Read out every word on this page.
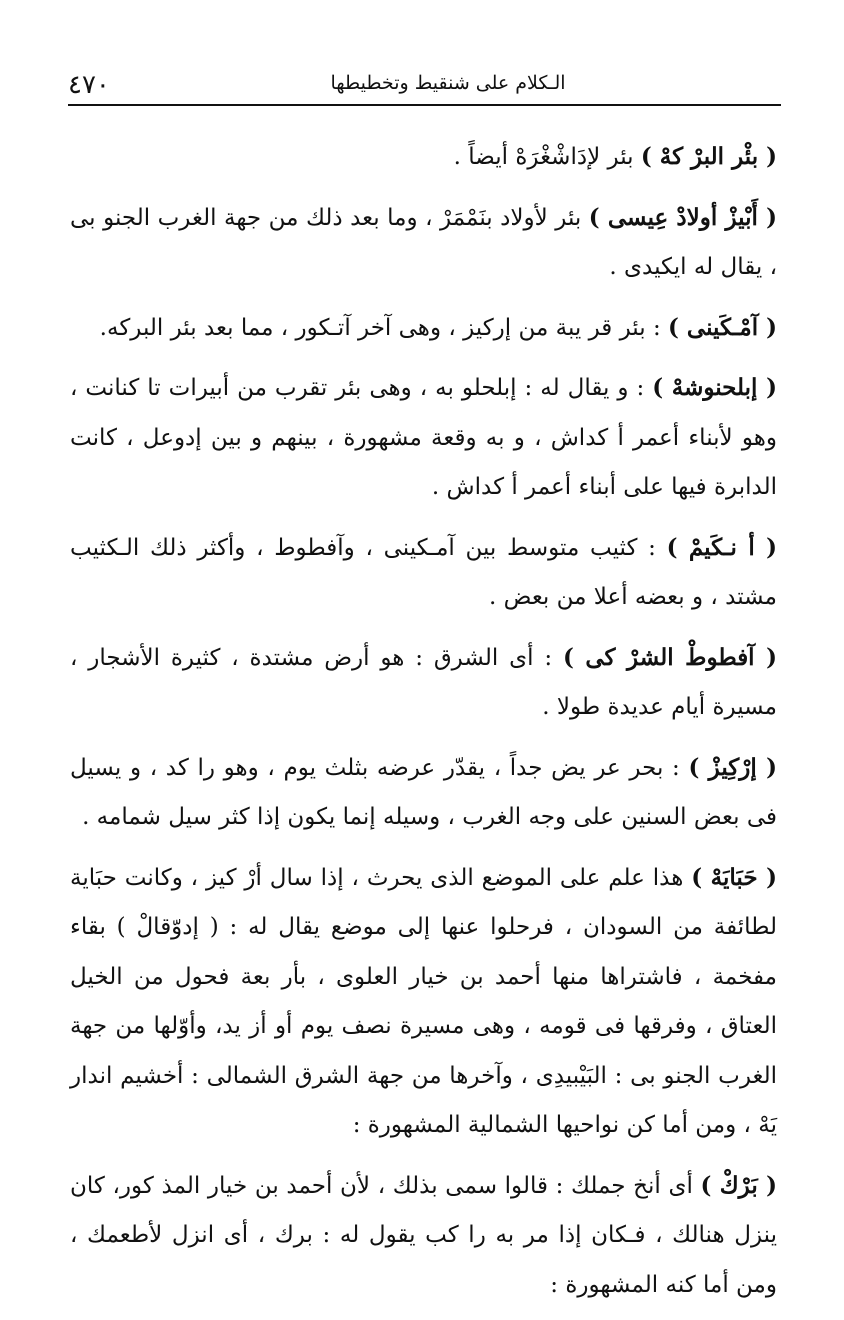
٤٧٠	الـكلام على شنقيط وتخطيطها

( بئْر البرْ كهْ ) بئر لإدَاشْغْرَهْ أيضاً .

( أَبْيزْ أولادْ عِيسى ) بئر لأولاد بنَمْمَرْ ، وما بعد ذلك من جهة الغرب الجنو بى ، يقال له ايكيدى .

( آمْـكَينى ) : بئر قر يبة من إركيز ، وهى آخر آتـكور ، مما بعد بئر البركه.

( إبلحنوشهْ ) : و يقال له : إبلحلو به ، وهى بئر تقرب من أبيرات تا كنانت ، وهو لأبناء أعمر أ كداش ، و به وقعة مشهورة ، بينهم و بين إدوعل ، كانت الدابرة فيها على أبناء أعمر أ كداش .

( أ نـكَيمْ ) : كثيب متوسط بين آمـكينى ، وآفطوط ، وأكثر ذلك الـكثيب مشتد ، و بعضه أعلا من بعض .

( آفطوطْ الشرْ كى ) : أى الشرق : هو أرض مشتدة ، كثيرة الأشجار ، مسيرة أيام عديدة طولا .

( إرْكِيزْ ) : بحر عر يض جداً ، يقدّر عرضه بثلث يوم ، وهو را كد ، و يسيل فى بعض السنين على وجه الغرب ، وسيله إنما يكون إذا كثر سيل شمامه .

( حَبَايَهْ ) هذا علم على الموضع الذى يحرث ، إذا سال أرْ كيز ، وكانت حبَاية لطائفة من السودان ، فرحلوا عنها إلى موضع يقال له : ( إدوّقالْ ) بقاء مفخمة ، فاشتراها منها أحمد بن خيار العلوى ، بأر بعة فحول من الخيل العتاق ، وفرقها فى قومه ، وهى مسيرة نصف يوم أو أز يد، وأوّلها من جهة الغرب الجنو بى : البَيْبيدِى ، وآخرها من جهة الشرق الشمالى : أخشيم اندار يَهْ ، ومن أما كن نواحيها الشمالية المشهورة :

( بَرْكْ ) أى أنخ جملك : قالوا سمى بذلك ، لأن أحمد بن خيار المذ كور، كان ينزل هنالك ، فـكان إذا مر به را كب يقول له : برك ، أى انزل لأطعمك ، ومن أما كنه المشهورة :
